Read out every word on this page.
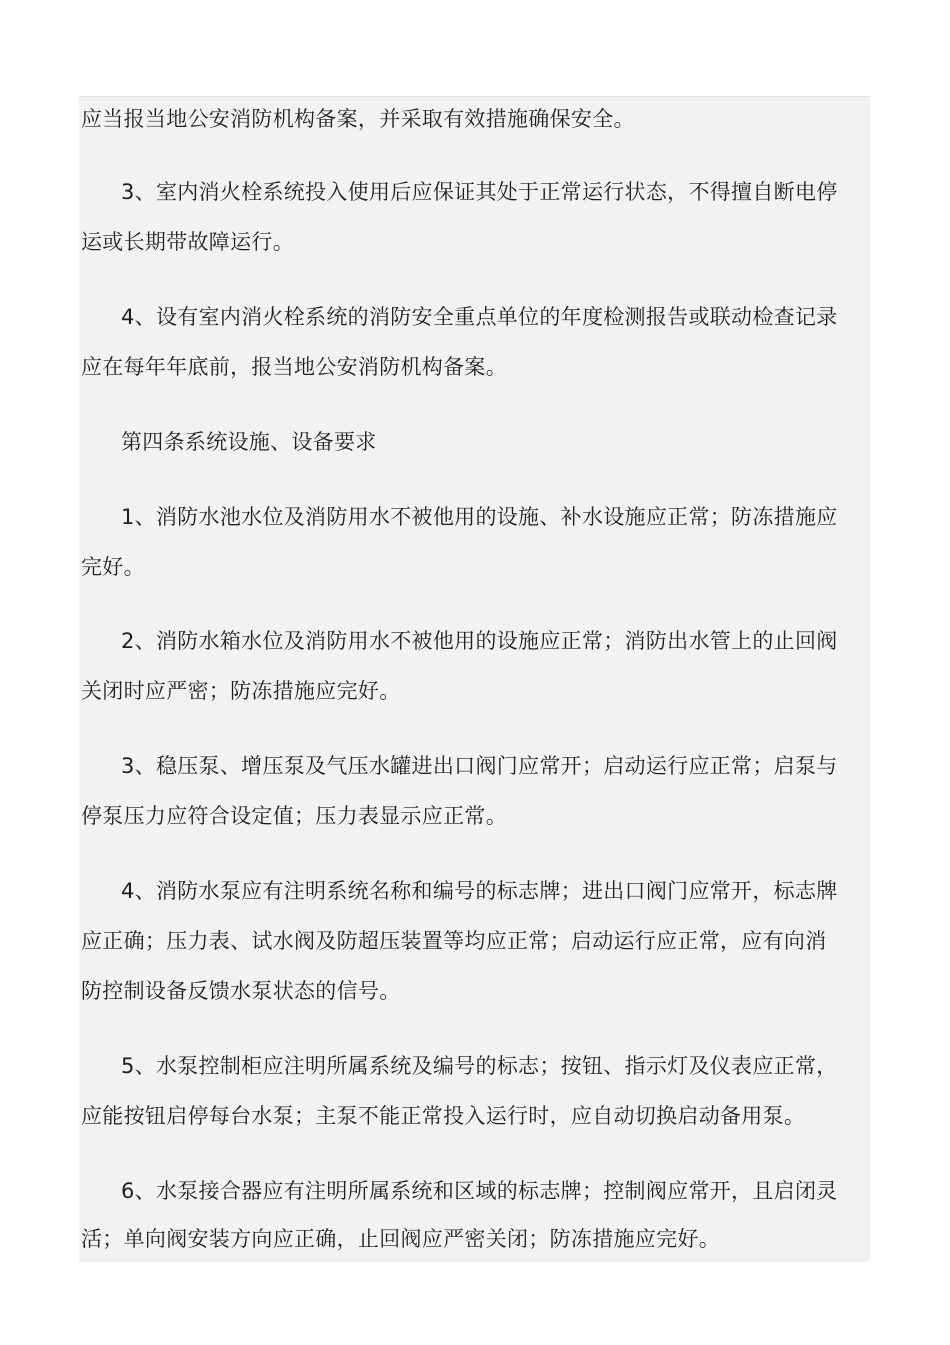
应当报当地公安消防机构备案，并采取有效措施确保安全。
3、室内消火栓系统投入使用后应保证其处于正常运行状态，不得擅自断电停
运或长期带故障运行。
4、设有室内消火栓系统的消防安全重点单位的年度检测报告或联动检查记录
应在每年年底前，报当地公安消防机构备案。
第四条系统设施、设备要求
1、消防水池水位及消防用水不被他用的设施、补水设施应正常；防冻措施应
完好。
2、消防水箱水位及消防用水不被他用的设施应正常；消防出水管上的止回阀
关闭时应严密；防冻措施应完好。
3、稳压泵、增压泵及气压水罐进出口阀门应常开；启动运行应正常；启泵与
停泵压力应符合设定值；压力表显示应正常。
4、消防水泵应有注明系统名称和编号的标志牌；进出口阀门应常开，标志牌
应正确；压力表、试水阀及防超压装置等均应正常；启动运行应正常，应有向消
防控制设备反馈水泵状态的信号。
5、水泵控制柜应注明所属系统及编号的标志；按钮、指示灯及仪表应正常，
应能按钮启停每台水泵；主泵不能正常投入运行时，应自动切换启动备用泵。
6、水泵接合器应有注明所属系统和区域的标志牌；控制阀应常开，且启闭灵
活；单向阀安装方向应正确，止回阀应严密关闭；防冻措施应完好。
